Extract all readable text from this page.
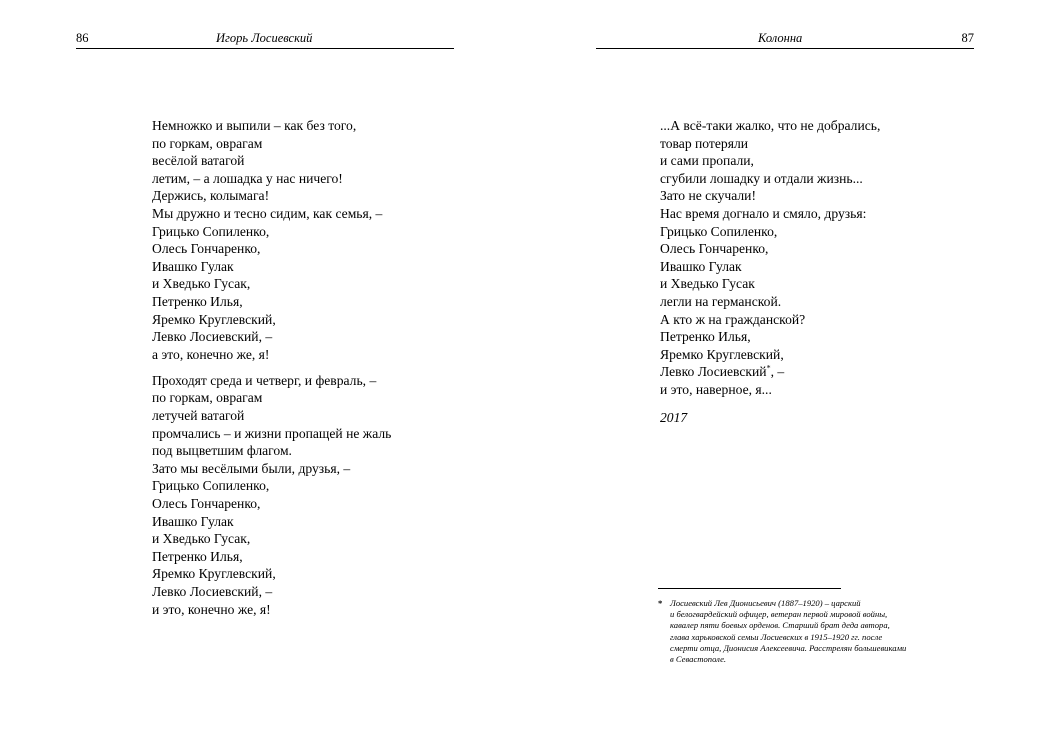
86	Игорь Лосиевский
Немножко и выпили – как без того,
по горкам, оврагам
весёлой ватагой
летим, – а лошадка у нас ничего!
Держись, колымага!
Мы дружно и тесно сидим, как семья, –
Грицько Сопиленко,
Олесь Гончаренко,
Ивашко Гулак
и Хведько Гусак,
Петренко Илья,
Яремко Круглевский,
Левко Лосиевский, –
а это, конечно же, я!
Проходят среда и четверг, и февраль, –
по горкам, оврагам
летучей ватагой
промчались – и жизни пропащей не жаль
под выцветшим флагом.
Зато мы весёлыми были, друзья, –
Грицько Сопиленко,
Олесь Гончаренко,
Ивашко Гулак
и Хведько Гусак,
Петренко Илья,
Яремко Круглевский,
Левко Лосиевский, –
и это, конечно же, я!
Колонна	87
...А всё-таки жалко, что не добрались,
товар потеряли
и сами пропали,
сгубили лошадку и отдали жизнь...
Зато не скучали!
Нас время догнало и смяло, друзья:
Грицько Сопиленко,
Олесь Гончаренко,
Ивашко Гулак
и Хведько Гусак
легли на германской.
А кто ж на гражданской?
Петренко Илья,
Яремко Круглевский,
Левко Лосиевский*, –
и это, наверное, я...
2017
* Лосиевский Лев Дионисьевич (1887–1920) – царский
и белогвардейский офицер, ветеран первой мировой войны,
кавалер пяти боевых орденов. Старший брат деда автора,
глава харьковской семьи Лосиевских в 1915–1920 гг. после
смерти отца, Дионисия Алексеевича. Расстрелян большевиками
в Севастополе.
